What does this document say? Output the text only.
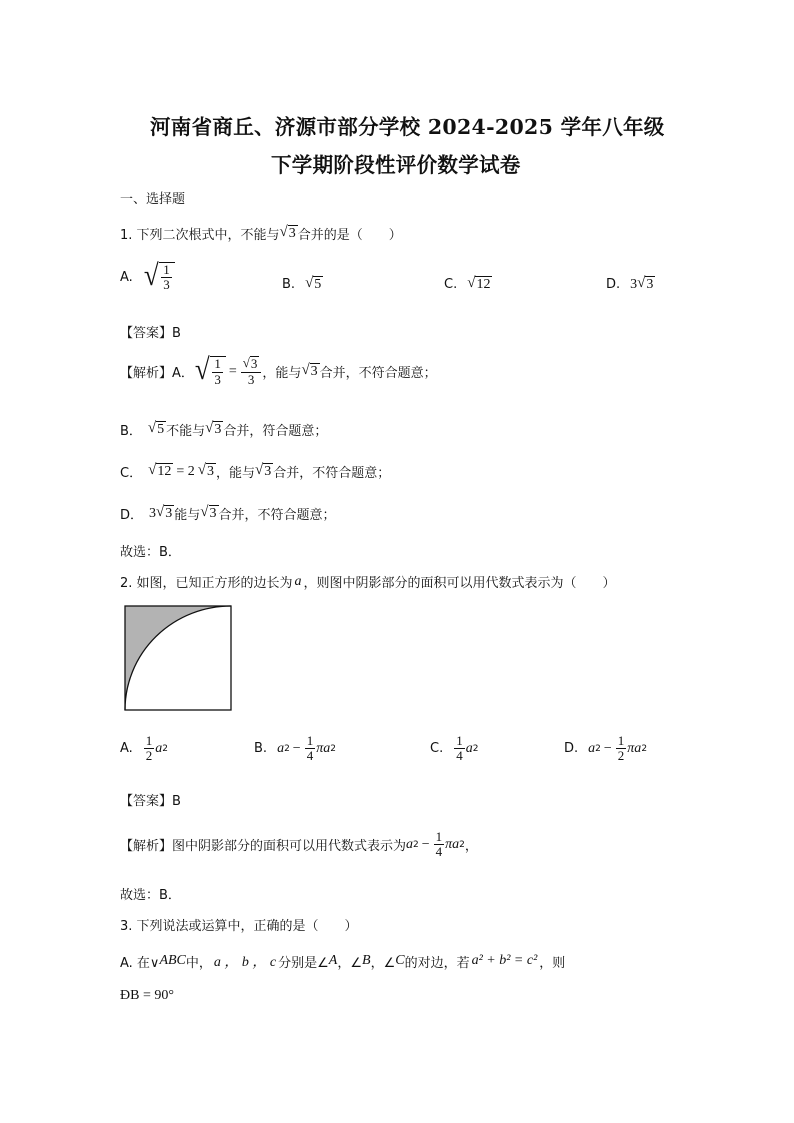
河南省商丘、济源市部分学校 2024-2025 学年八年级
下学期阶段性评价数学试卷
一、选择题
1. 下列二次根式中，不能与 √ 3 合并的是（　　）
A. √ $\frac{1}{3}$	B. √ 5	C. √ 12	D. 3 √ 3
【答案】B
【解析】A． √ $\frac{1}{3} = \frac{√ 3}{3}$ ，能与 √ 3 合并，不符合题意；
B． √ 5 不能与 √ 3 合并，符合题意；
C． √ 12 = 2 √ 3 ，能与 √ 3 合并，不符合题意；
D． 3 √ 3 能与 √ 3 合并，不符合题意；
故选：B．
2. 如图，已知正方形的边长为 a ，则图中阴影部分的面积可以用代数式表示为（　　）
A. $\frac{1}{2}$ a 2	B. a $2 - \frac{1}{4}$ πa 2	C. $\frac{1}{4}$ a 2	D. a $2 - \frac{1}{2}$ πa 2
【答案】B
【解析】图中阴影部分的面积可以用代数式表示为 a $2 - \frac{1}{4}$ πa 2 ，
故选：B．
3. 下列说法或运算中，正确的是（　　）
A. 在∨ ABC 中， a ， b ， c 分别是∠ A ，∠ B ，∠ C 的对边，若 a² + b² = c² ，则
ÐB = 90°
